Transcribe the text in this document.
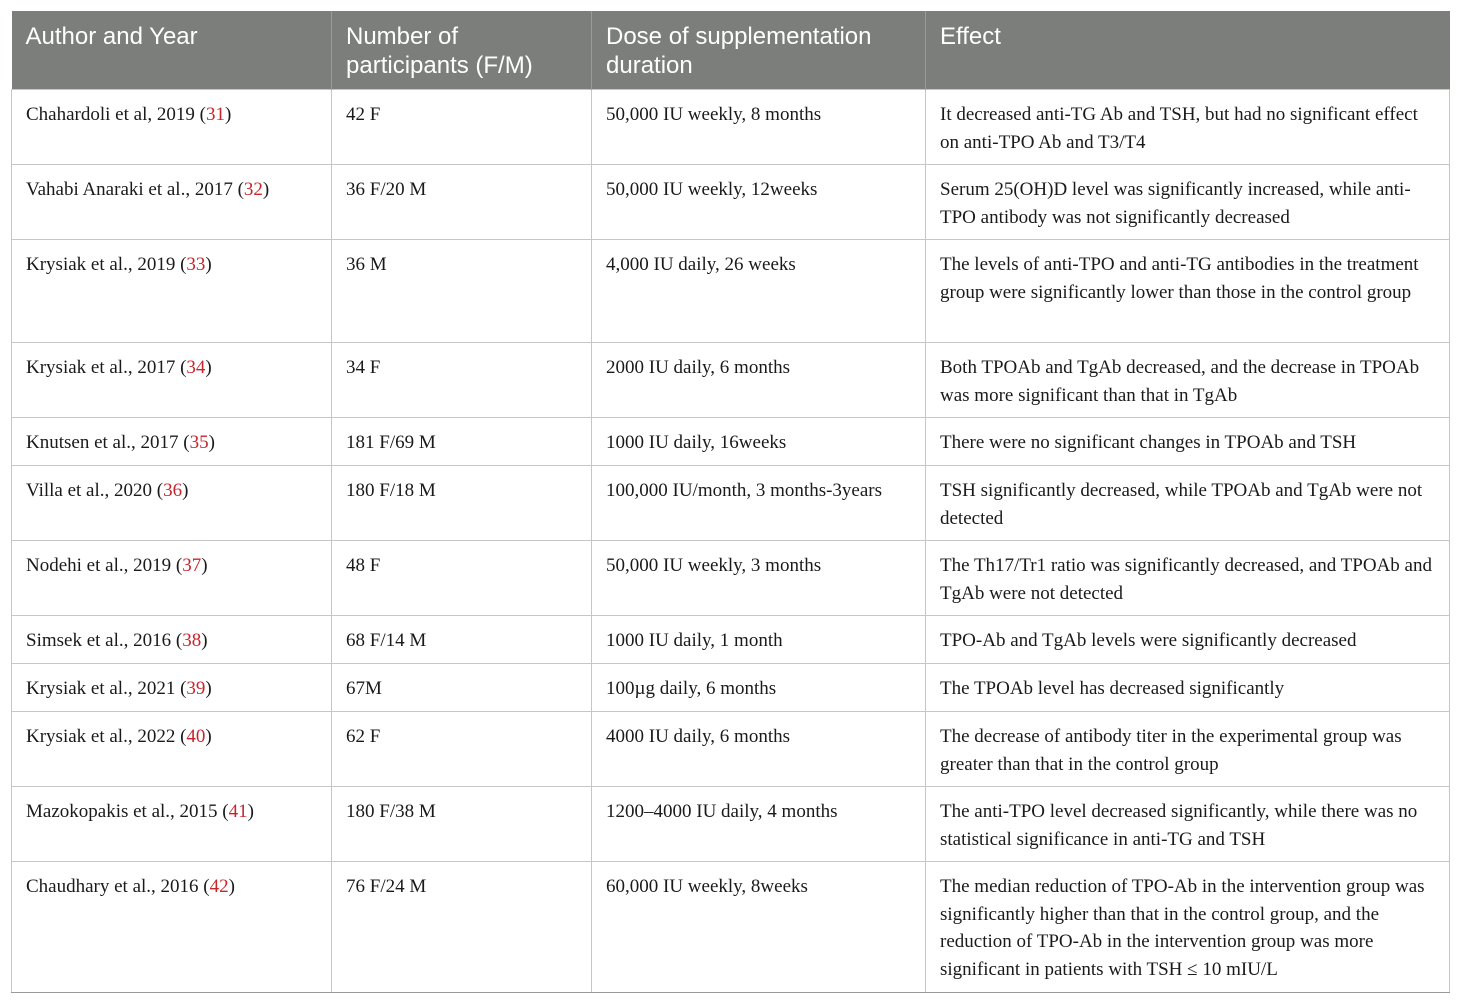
Author and Year	Number of participants (F/M)	Dose of supplementation duration	Effect
Chahardoli et al, 2019 (31)	42 F	50,000 IU weekly, 8 months	It decreased anti-TG Ab and TSH, but had no significant effect on anti-TPO Ab and T3/T4
Vahabi Anaraki et al., 2017 (32)	36 F/20 M	50,000 IU weekly, 12weeks	Serum 25(OH)D level was significantly increased, while anti-TPO antibody was not significantly decreased
Krysiak et al., 2019 (33)	36 M	4,000 IU daily, 26 weeks	The levels of anti-TPO and anti-TG antibodies in the treatment group were significantly lower than those in the control group
Krysiak et al., 2017 (34)	34 F	2000 IU daily, 6 months	Both TPOAb and TgAb decreased, and the decrease in TPOAb was more significant than that in TgAb
Knutsen et al., 2017 (35)	181 F/69 M	1000 IU daily, 16weeks	There were no significant changes in TPOAb and TSH
Villa et al., 2020 (36)	180 F/18 M	100,000 IU/month, 3 months-3years	TSH significantly decreased, while TPOAb and TgAb were not detected
Nodehi et al., 2019 (37)	48 F	50,000 IU weekly, 3 months	The Th17/Tr1 ratio was significantly decreased, and TPOAb and TgAb were not detected
Simsek et al., 2016 (38)	68 F/14 M	1000 IU daily, 1 month	TPO-Ab and TgAb levels were significantly decreased
Krysiak et al., 2021 (39)	67M	100µg daily, 6 months	The TPOAb level has decreased significantly
Krysiak et al., 2022 (40)	62 F	4000 IU daily, 6 months	The decrease of antibody titer in the experimental group was greater than that in the control group
Mazokopakis et al., 2015 (41)	180 F/38 M	1200–4000 IU daily, 4 months	The anti-TPO level decreased significantly, while there was no statistical significance in anti-TG and TSH
Chaudhary et al., 2016 (42)	76 F/24 M	60,000 IU weekly, 8weeks	The median reduction of TPO-Ab in the intervention group was significantly higher than that in the control group, and the reduction of TPO-Ab in the intervention group was more significant in patients with TSH ≤ 10 mIU/L
